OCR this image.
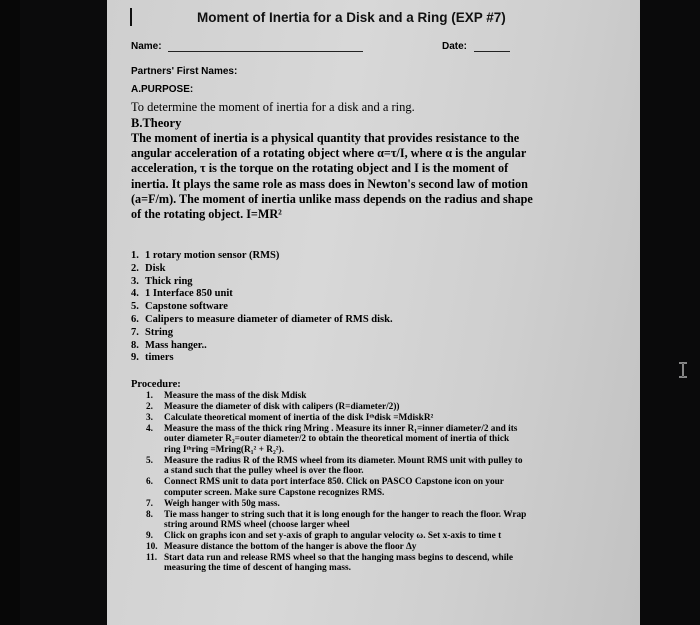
Moment of Inertia for a Disk and a Ring (EXP #7)
Name:	Date:
Partners' First Names:
A.PURPOSE:
To determine the moment of inertia for a disk and a ring.
B.Theory
The moment of inertia is a physical quantity that provides resistance to the
angular acceleration of a rotating object where α=τ/I, where α is the angular
acceleration, τ is the torque on the rotating object and I is the moment of
inertia. It plays the same role as mass does in Newton's second law of motion
(a=F/m). The moment of inertia unlike mass depends on the radius and shape
of the rotating object. I=MR²
1. 1 rotary motion sensor (RMS)
2. Disk
3. Thick ring
4. 1 Interface 850 unit
5. Capstone software
6. Calipers to measure diameter of diameter of RMS disk.
7. String
8. Mass hanger..
9. timers
Procedure:
1.	Measure the mass of the disk Mdisk
2.	Measure the diameter of disk with calipers (R=diameter/2))
3.	Calculate theoretical moment of inertia of the disk Iᵗʰdisk =MdiskR²
4.	Measure the mass of the thick ring Mring . Measure its inner R₁=inner diameter/2 and its
outer diameter R₂=outer diameter/2 to obtain the theoretical moment of inertia of thick
ring Iᵗʰring =Mring(R₁² + R₂²).
5.	Measure the radius R of the RMS wheel from its diameter. Mount RMS unit with pulley to
a stand such that the pulley wheel is over the floor.
6.	Connect RMS unit to data port interface 850. Click on PASCO Capstone icon on your
computer screen. Make sure Capstone recognizes RMS.
7.	Weigh hanger with 50g mass.
8.	Tie mass hanger to string such that it is long enough for the hanger to reach the floor. Wrap
string around RMS wheel (choose larger wheel
9.	Click on graphs icon and set y-axis of graph to angular velocity ω. Set x-axis to time t
10. Measure distance the bottom of the hanger is above the floor Δy
11. Start data run and release RMS wheel so that the hanging mass begins to descend, while
measuring the time of descent of hanging mass.
